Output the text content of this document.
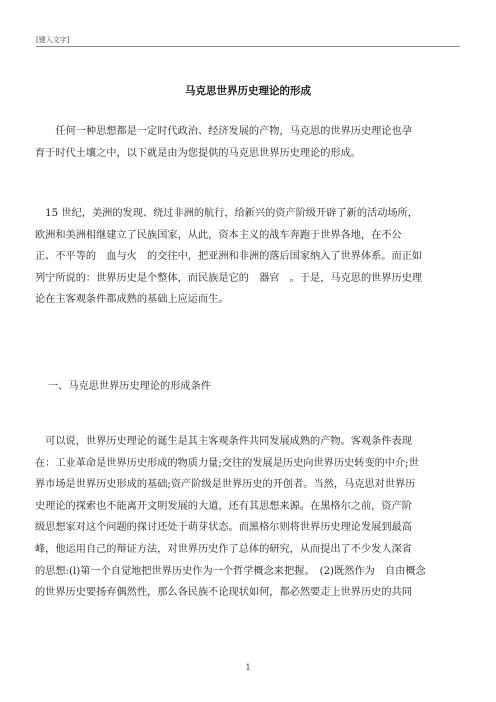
[键入文字]
马克思世界历史理论的形成
　　任何一种思想都是一定时代政治、经济发展的产物，马克思的世界历史理论也孕
育于时代土壤之中，以下就是由为您提供的马克思世界历史理论的形成。
　15 世纪，美洲的发现、绕过非洲的航行，给新兴的资产阶级开辟了新的活动场所，
欧洲和美洲相继建立了民族国家，从此，资本主义的战车奔跑于世界各地，在不公
正、不平等的　血与火　的交往中，把亚洲和非洲的落后国家纳入了世界体系。而正如
列宁所说的：世界历史是个整体，而民族是它的　器官　。于是，马克思的世界历史理
论在主客观条件都成熟的基础上应运而生。
一、马克思世界历史理论的形成条件
　可以说，世界历史理论的诞生是其主客观条件共同发展成熟的产物。客观条件表现
在：工业革命是世界历史形成的物质力量;交往的发展是历史向世界历史转变的中介;世
界市场是世界历史形成的基础;资产阶级是世界历史的开创者。当然，马克思对世界历
史理论的探索也不能离开文明发展的大道，还有其思想来源。在黑格尔之前，资产阶
级思想家对这个问题的探讨还处于萌芽状态。而黑格尔则将世界历史理论发展到最高
峰，他运用自己的辩证方法，对世界历史作了总体的研究，从而提出了不少发人深省
的思想:(l)第一个自觉地把世界历史作为一个哲学概念来把握。　(2)既然作为　自由概念
的世界历史要扬弃偶然性，那么各民族不论现状如何，都必然要走上世界历史的共同
1
